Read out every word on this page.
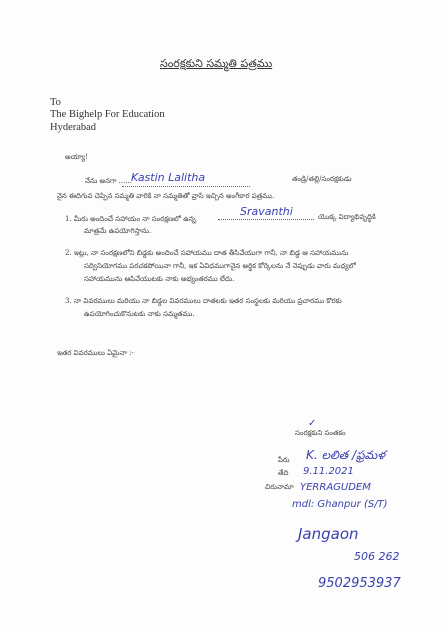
సంరక్షకుని సమ్మతి పత్రము
To
The Bighelp For Education
Hyderabad
అయ్యా!
నేను అనగా ......
Kastin Lalitha	తండ్రి/తల్లి/సంరక్షకుడు
నైన ఈదిగువ చెప్పిన సమ్మతి వారికి నా సమ్మతితో వ్రాసి ఇచ్చిన అంగీకార పత్రము.
1. మీరు అందించే సహాయం నా సంరక్షణలో ఉన్న
Sravanthi	యొక్క విద్యాభివృద్ధికి
మాత్రమే ఉపయోగిస్తాను.
2. ఇట్లు, నా సంరక్షణలోని బిడ్డకు అందించే సహాయము దాత తీసివేయుగా గానీ, నా బిడ్డ ఆ సహాయమును
సద్వినియోగము పరచకపోయినా గానీ, ఇక ఏవిధముగానైన అర్థిక కోర్కెలను నే నెప్పుడు వారు మధ్యలో
సహాయమును ఆపివేయుటకు నాకు అభ్యంతరము లేదు.
3. నా వివరములు మరియు నా బిడ్డల వివరములు దాతలకు ఇతర సంస్థలకు మరియు ప్రచారము కొరకు
ఉపయోగించుకొనుటకు నాకు సమ్మతము.
ఇతర వివరములు ఏమైనా :-
✓
సంరక్షకుని సంతకం
పేరు
తేది
చిరునామా
K. లలిత /ఫ్రమళ
9.11.2021
YERRAGUDEM
mdl: Ghanpur (S/T)
Jangaon
506 262
9502953937
